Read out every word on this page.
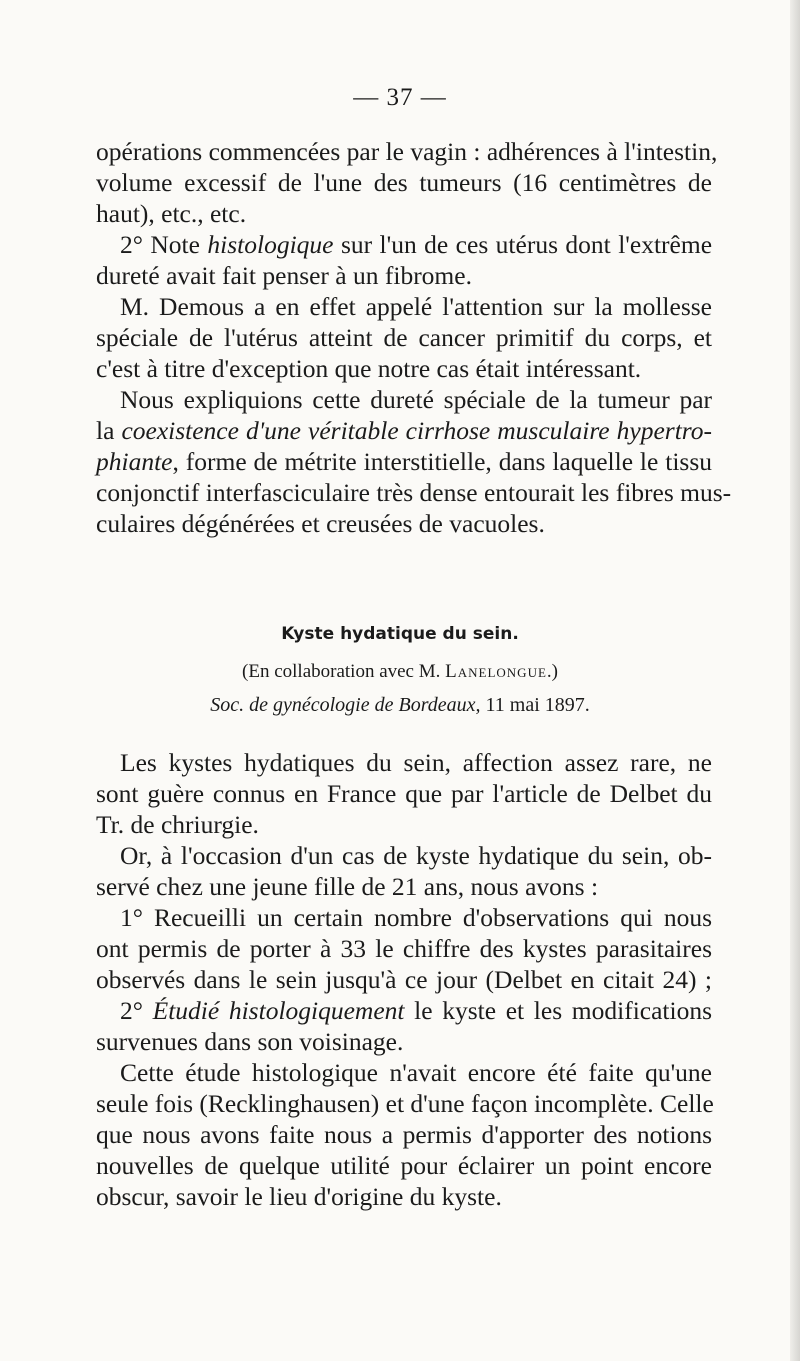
— 37 —
opérations commencées par le vagin : adhérences à l'intestin,
volume excessif de l'une des tumeurs (16 centimètres de
haut), etc., etc.
2° Note histologique sur l'un de ces utérus dont l'extrême
dureté avait fait penser à un fibrome.
M. Demous a en effet appelé l'attention sur la mollesse
spéciale de l'utérus atteint de cancer primitif du corps, et
c'est à titre d'exception que notre cas était intéressant.
Nous expliquions cette dureté spéciale de la tumeur par
la coexistence d'une véritable cirrhose musculaire hypertro-
phiante, forme de métrite interstitielle, dans laquelle le tissu
conjonctif interfasciculaire très dense entourait les fibres mus-
culaires dégénérées et creusées de vacuoles.
Kyste hydatique du sein.
(En collaboration avec M. Lanelongue.)
Soc. de gynécologie de Bordeaux, 11 mai 1897.
Les kystes hydatiques du sein, affection assez rare, ne
sont guère connus en France que par l'article de Delbet du
Tr. de chriurgie.
Or, à l'occasion d'un cas de kyste hydatique du sein, ob-
servé chez une jeune fille de 21 ans, nous avons :
1° Recueilli un certain nombre d'observations qui nous
ont permis de porter à 33 le chiffre des kystes parasitaires
observés dans le sein jusqu'à ce jour (Delbet en citait 24) ;
2° Étudié histologiquement le kyste et les modifications
survenues dans son voisinage.
Cette étude histologique n'avait encore été faite qu'une
seule fois (Recklinghausen) et d'une façon incomplète. Celle
que nous avons faite nous a permis d'apporter des notions
nouvelles de quelque utilité pour éclairer un point encore
obscur, savoir le lieu d'origine du kyste.
